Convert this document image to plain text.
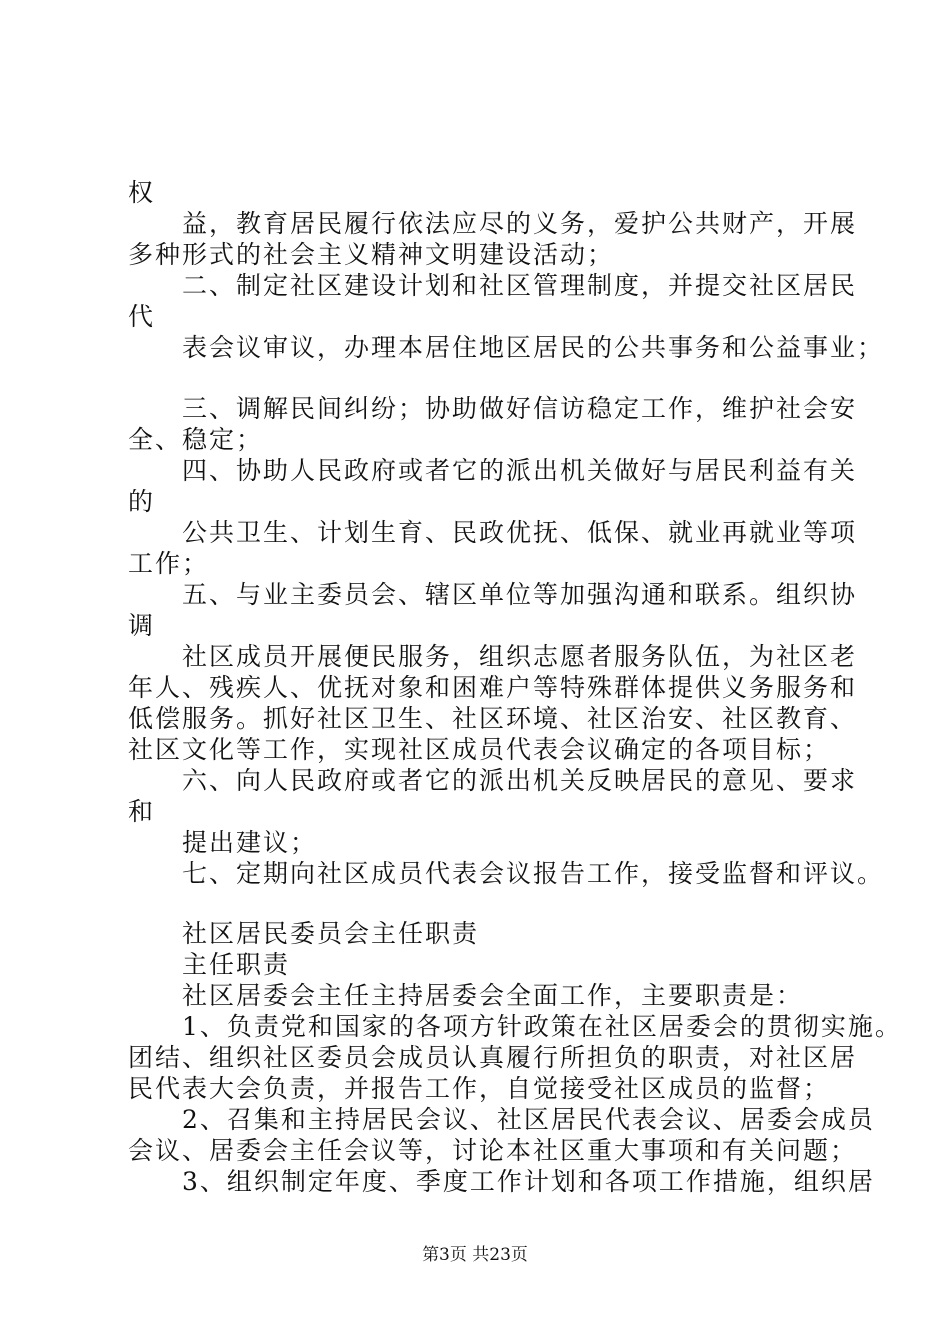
权
益，教育居民履行依法应尽的义务，爱护公共财产，开展
多种形式的社会主义精神文明建设活动；
二、制定社区建设计划和社区管理制度，并提交社区居民
代
表会议审议，办理本居住地区居民的公共事务和公益事业；
三、调解民间纠纷；协助做好信访稳定工作，维护社会安
全、稳定；
四、协助人民政府或者它的派出机关做好与居民利益有关
的
公共卫生、计划生育、民政优抚、低保、就业再就业等项
工作；
五、与业主委员会、辖区单位等加强沟通和联系。组织协
调
社区成员开展便民服务，组织志愿者服务队伍，为社区老
年人、残疾人、优抚对象和困难户等特殊群体提供义务服务和
低偿服务。抓好社区卫生、社区环境、社区治安、社区教育、
社区文化等工作，实现社区成员代表会议确定的各项目标；
六、向人民政府或者它的派出机关反映居民的意见、要求
和
提出建议；
七、定期向社区成员代表会议报告工作，接受监督和评议。
社区居民委员会主任职责
主任职责
社区居委会主任主持居委会全面工作，主要职责是：
1、负责党和国家的各项方针政策在社区居委会的贯彻实施。
团结、组织社区委员会成员认真履行所担负的职责，对社区居
民代表大会负责，并报告工作，自觉接受社区成员的监督；
2、召集和主持居民会议、社区居民代表会议、居委会成员
会议、居委会主任会议等，讨论本社区重大事项和有关问题；
3、组织制定年度、季度工作计划和各项工作措施，组织居
第3页 共23页
